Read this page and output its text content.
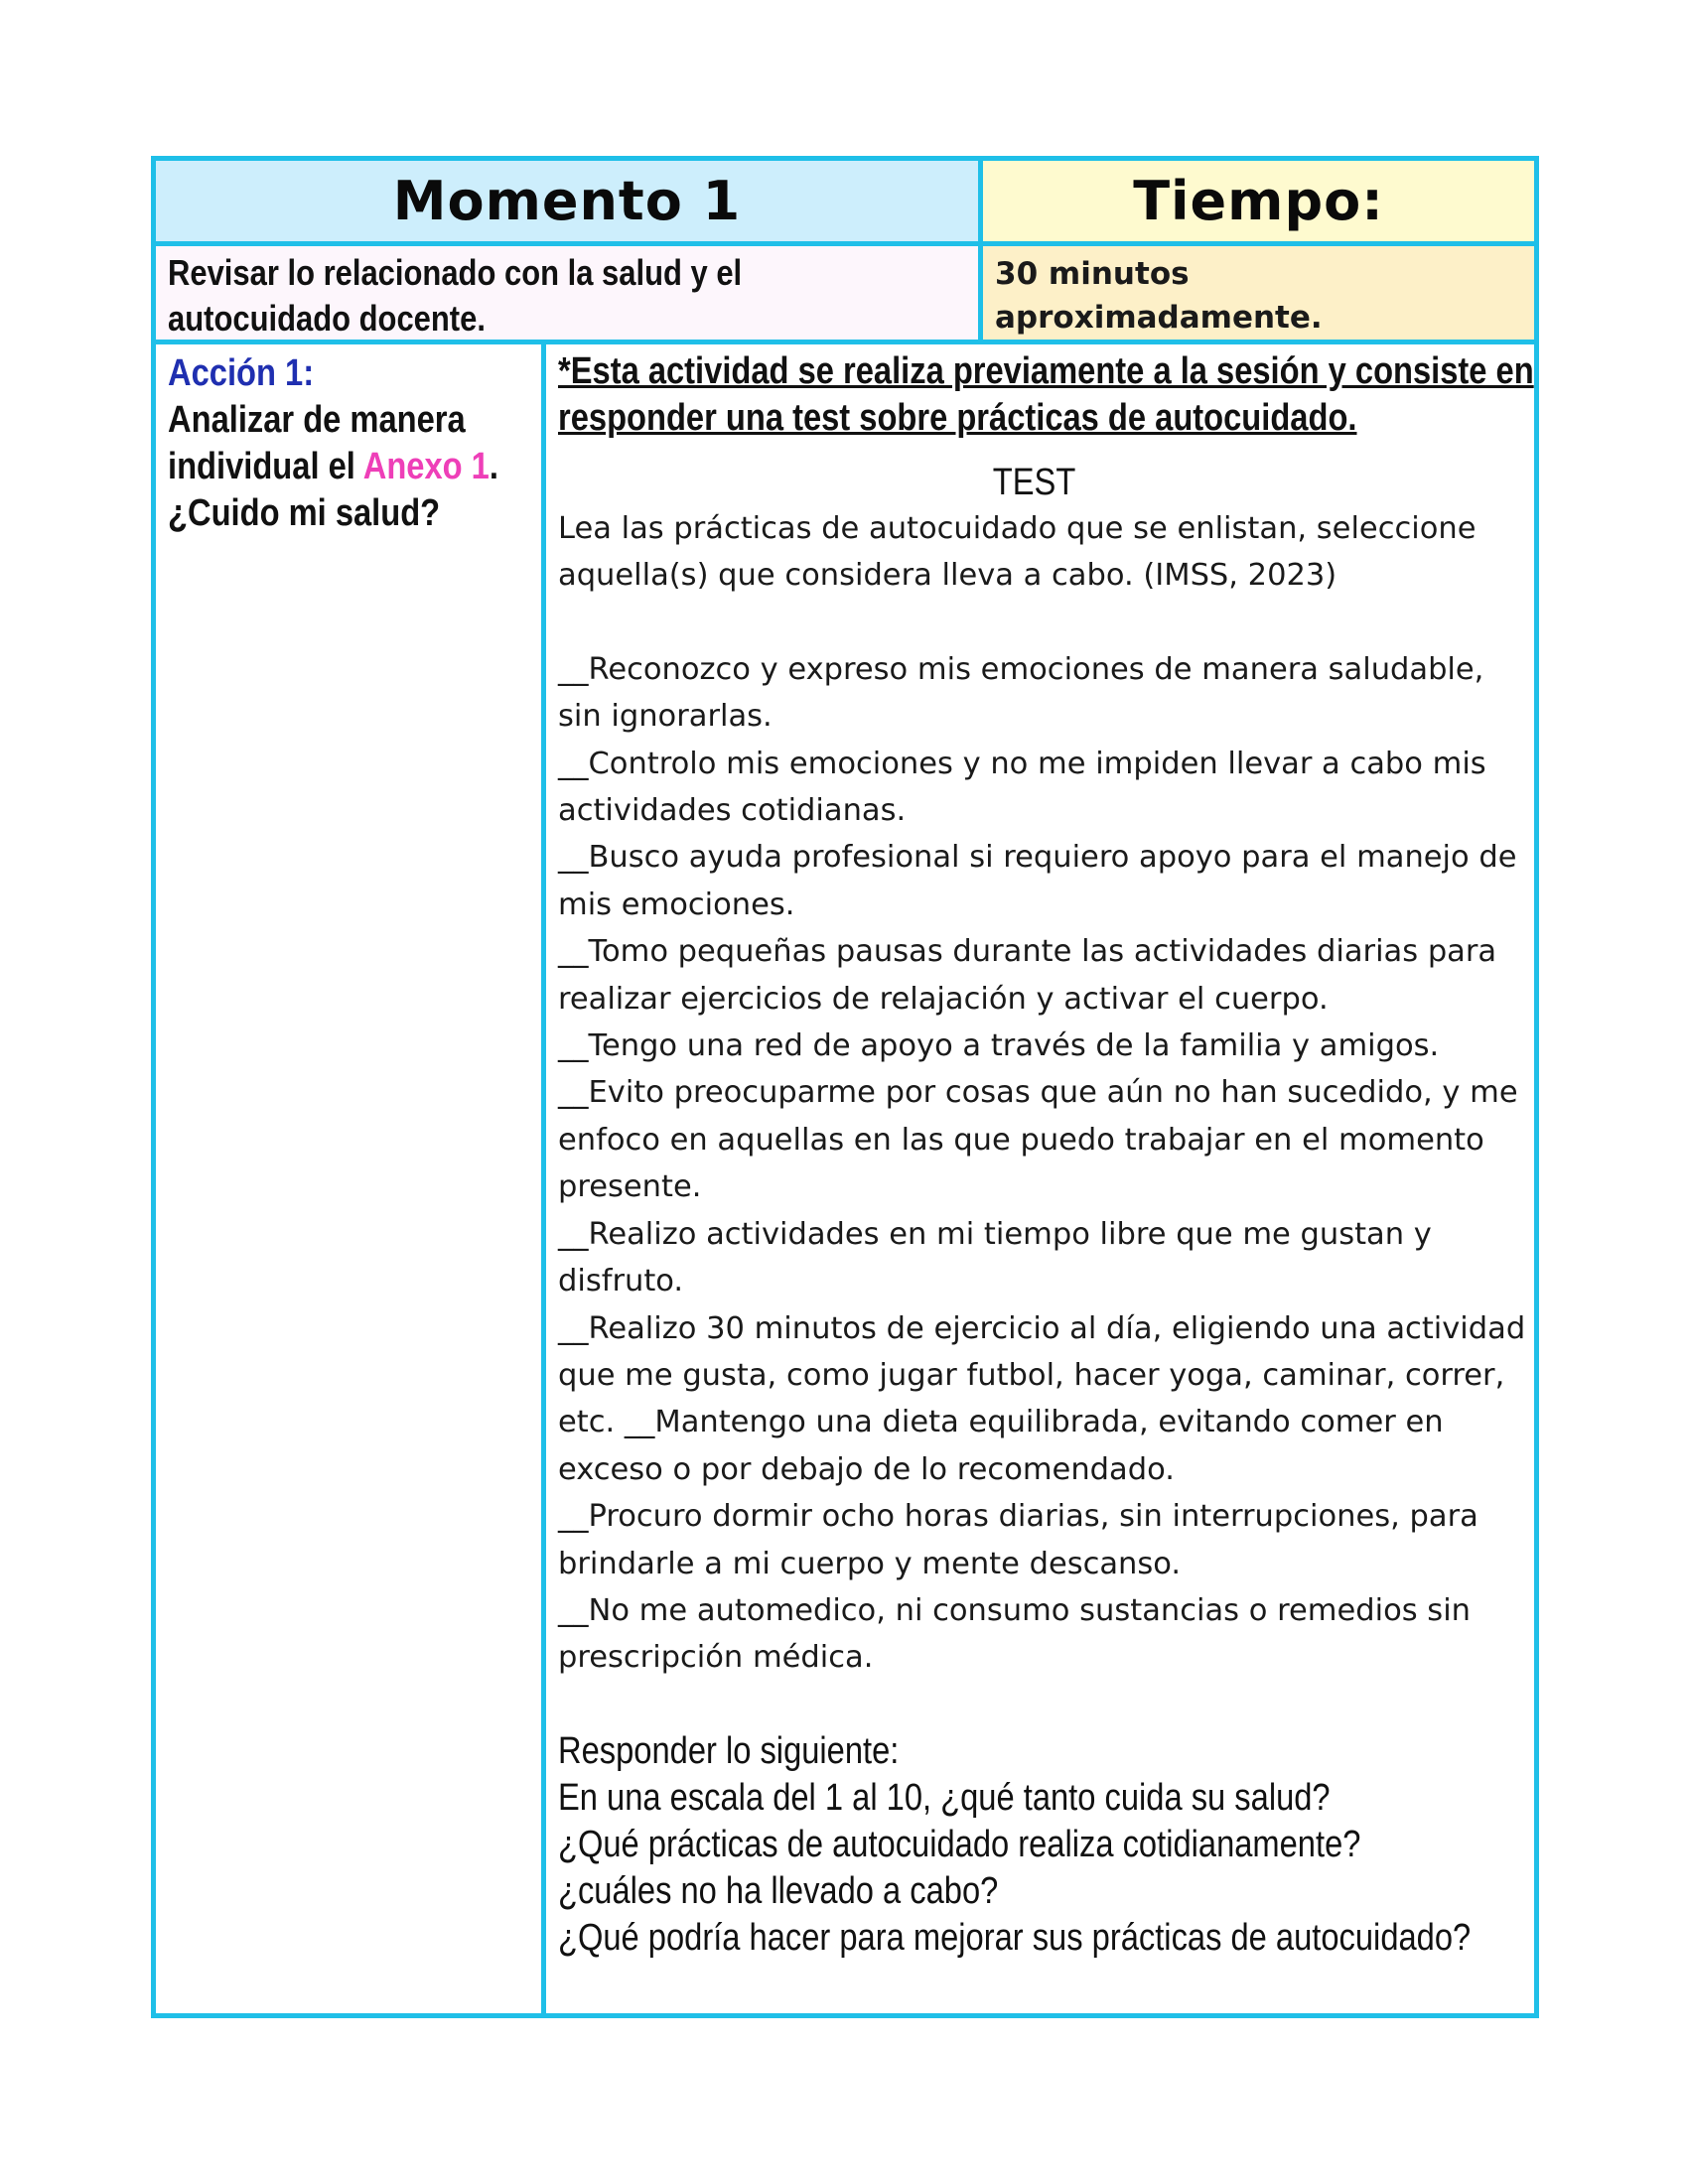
Momento 1	Tiempo:
Revisar lo relacionado con la salud y el
autocuidado docente.
30 minutos
aproximadamente.
Acción 1:
Analizar de manera
individual el Anexo 1.
¿Cuido mi salud?
*Esta actividad se realiza previamente a la sesión y consiste en responder una test sobre prácticas de autocuidado.
TEST
Lea las prácticas de autocuidado que se enlistan, seleccione aquella(s) que considera lleva a cabo. (IMSS, 2023)
__Reconozco y expreso mis emociones de manera saludable, sin ignorarlas.
__Controlo mis emociones y no me impiden llevar a cabo mis actividades cotidianas.
__Busco ayuda profesional si requiero apoyo para el manejo de mis emociones.
__Tomo pequeñas pausas durante las actividades diarias para realizar ejercicios de relajación y activar el cuerpo.
__Tengo una red de apoyo a través de la familia y amigos.
__Evito preocuparme por cosas que aún no han sucedido, y me enfoco en aquellas en las que puedo trabajar en el momento presente.
__Realizo actividades en mi tiempo libre que me gustan y disfruto.
__Realizo 30 minutos de ejercicio al día, eligiendo una actividad que me gusta, como jugar futbol, hacer yoga, caminar, correr, etc. __Mantengo una dieta equilibrada, evitando comer en exceso o por debajo de lo recomendado.
__Procuro dormir ocho horas diarias, sin interrupciones, para brindarle a mi cuerpo y mente descanso.
__No me automedico, ni consumo sustancias o remedios sin prescripción médica.
Responder lo siguiente:
En una escala del 1 al 10, ¿qué tanto cuida su salud?
¿Qué prácticas de autocuidado realiza cotidianamente?
¿cuáles no ha llevado a cabo?
¿Qué podría hacer para mejorar sus prácticas de autocuidado?
